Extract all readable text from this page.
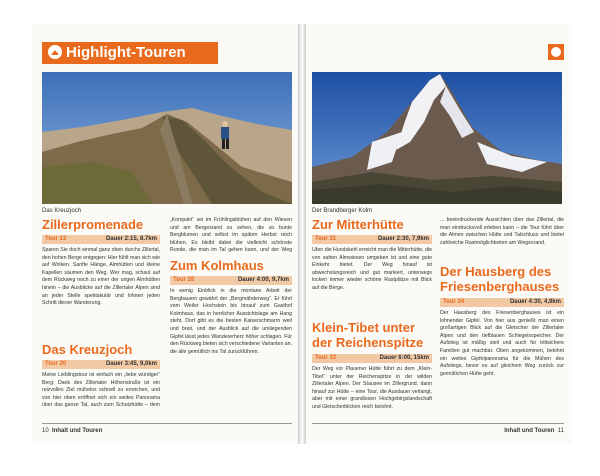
Highlight-Touren
Das Kreuzjoch
Zillerpromenade
Tour 13	Dauer 2:15, 8.7km
Sparen Sie doch einmal ganz oben durchs Zillertal, den hohen Berge entgegen: Hier fühlt man sich wie auf Wolken. Sanfte Hänge, Almhütten und kleine Kapellen säumen den Weg. Wer mag, schaut auf dem Rückweg noch zu einer der urigen Almhütten hinein – die Ausblicke auf die Zillertaler Alpen sind an jeder Stelle spektakulär und lohnen jeden Schritt dieser Wanderung.
Das Kreuzjoch
Tour 20	Dauer 3:45, 9,0km
Meine Lieblingstour ist einfach ein „liebe würdiger“ Berg: Dank des Zillertaler Höhenstraße ist ein reizvolles Ziel mühelos schnell zu erreichen, und von hier oben eröffnet sich ein weites Panorama über das ganze Tal, auch zum Schutzhütte – dem
„Kompakt“ sei im Frühlingsblühen auf den Wiesen und am Bergesrand zu sehen, die so bunte Bergblumen und selbst im späten Herbst reich blühen. Es bleibt dabei die vielleicht schönste Runde, die man im Tal gehen kann, und der Weg
Zum Kolmhaus
Tour 28	Dauer 4:00, 9,7km
In wenig Einblick in die montane Arbeit der Bergbauern gewährt der „Bergmähderweg“. Er führt vom Weiler Hochstein bis hinauf zum Gasthof Kolmhaus, das in herrlicher Aussichtslage am Hang steht. Dort gibt es die besten Kaiserschmarrn weit und breit, und der Ausblick auf die umliegenden Gipfel lässt jedes Wandererherz höher schlagen. Für den Rückweg bieten sich verschiedene Varianten an, die alle gemütlich ins Tal zurückführen.
10 Inhalt und Touren
Der Brandberger Kolm
Zur Mitterhütte
Tour 31	Dauer 2:30, 7,9km
Über die Hundskehl erreicht man die Mitterhütte, die von satten Almwiesen umgeben ist und eine gute Einkehr bietet. Der Weg hinauf ist abwechslungsreich und gut markiert, unterwegs locken immer wieder schöne Rastplätze mit Blick auf die Berge.
Klein-Tibet unter der Reichenspitze
Tour 32	Dauer 6:00, 15km
Der Weg vor Plauener Hütte führt zu dem „Klein-Tibet“ unter der Reichenspitze in der wilden Zillertaler Alpen. Der Stausee im Zillergrund, dann hinauf zur Hütte – eine Tour, die Ausdauer verlangt, aber mit einer grandiosen Hochgebirgslandschaft und Gletscherblicken reich belohnt.
... beeindruckende Aussichten über das Zillertal, die man eindrucksvoll erleben kann – die Tour führt über die Almen zwischen Hütte und Talschluss und bietet zahlreiche Rastmöglichkeiten am Wegesrand.
Der Hausberg des Friesenberghauses
Tour 34	Dauer 4:30, 4,9km
Der Hausberg des Friesenberghauses ist ein lohnender Gipfel. Von hier aus genießt man einen großartigen Blick auf die Gletscher der Zillertaler Alpen und den tiefblauen Schlegeisspeicher. Der Aufstieg ist mäßig steil und auch für trittsichere Familien gut machbar. Oben angekommen, belohnt ein weites Gipfelpanorama für die Mühen des Aufstiegs, bevor es auf gleichem Weg zurück zur gemütlichen Hütte geht.
Inhalt und Touren 11
